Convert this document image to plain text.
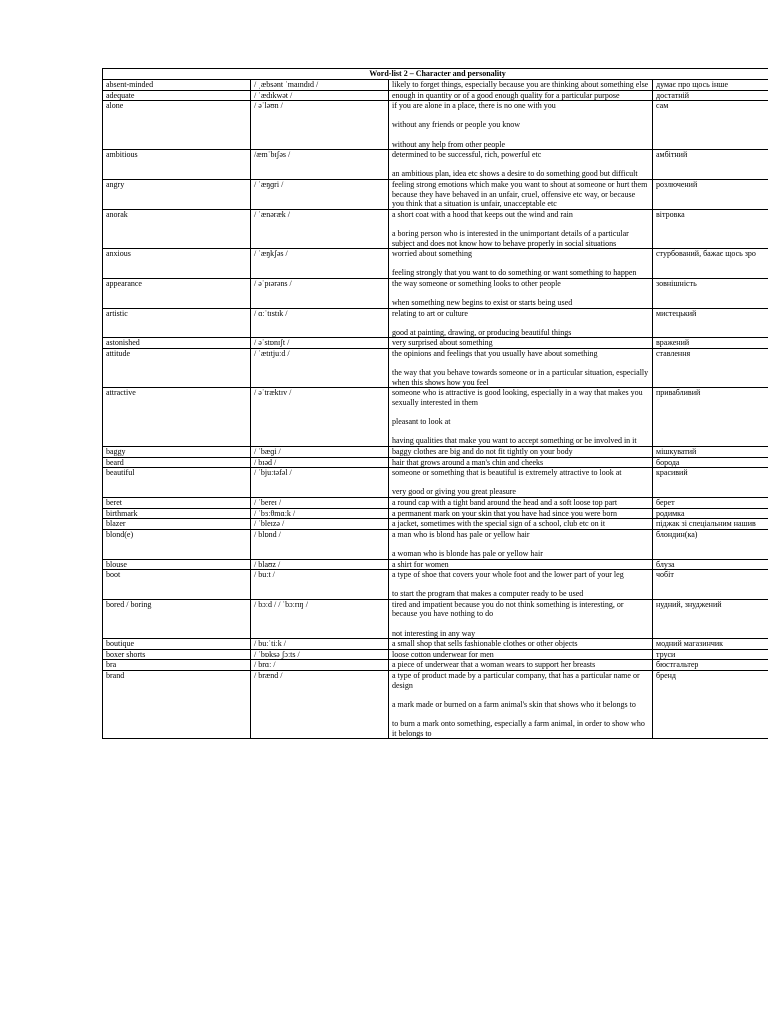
Word-list 2 – Character and personality			
absent-minded	/ ˌæbsənt ˈmaɪndɪd /	likely to forget things, especially because you are thinking about something else	думає про щось інше
adequate	/ ˈædɪkwət /	enough in quantity or of a good enough quality for a particular purpose	достатній
alone	/ əˈləʊn /	if you are alone in a place, there is no one with you
without any friends or people you know
without any help from other people	сам
ambitious	/æmˈbɪʃəs /	determined to be successful, rich, powerful etc
an ambitious plan, idea etc shows a desire to do something good but difficult	амбітний
angry	/ ˈæŋɡri /	feeling strong emotions which make you want to shout at someone or hurt them because they have behaved in an unfair, cruel, offensive etc way, or because you think that a situation is unfair, unacceptable etc	розлючений
anorak	/ ˈænəræk /	a short coat with a hood that keeps out the wind and rain
a boring person who is interested in the unimportant details of a particular subject and does not know how to behave properly in social situations	вітровка
anxious	/ ˈæŋkʃəs /	worried about something
feeling strongly that you want to do something or want something to happen	стурбований, бажає щось зро
appearance	/ əˈpɪərəns /	the way someone or something looks to other people
when something new begins to exist or starts being used	зовнішність
artistic	/ ɑːˈtɪstɪk /	relating to art or culture
good at painting, drawing, or producing beautiful things	мистецький
astonished	/ əˈstɒnɪʃt /	very surprised about something	вражений
attitude	/ ˈætɪtjuːd /	the opinions and feelings that you usually have about something
the way that you behave towards someone or in a particular situation, especially when this shows how you feel	ставлення
attractive	/ əˈtræktɪv /	someone who is attractive is good looking, especially in a way that makes you sexually interested in them
pleasant to look at
having qualities that make you want to accept something or be involved in it	привабливий
baggy	/ ˈbæɡi /	baggy clothes are big and do not fit tightly on your body	мішкуватий
beard	/ bɪəd /	hair that grows around a man's chin and cheeks	борода
beautiful	/ ˈbjuːtəfəl /	someone or something that is beautiful is extremely attractive to look at
very good or giving you great pleasure	красивий
beret	/ ˈbereɪ /	a round cap with a tight band around the head and a soft loose top part	берет
birthmark	/ ˈbɜːθmɑːk /	a permanent mark on your skin that you have had since you were born	родимка
blazer	/ ˈbleɪzə /	a jacket, sometimes with the special sign of a school, club etc on it	піджак зі спеціальним нашив
blond(e)	/ blɒnd /	a man who is blond has pale or yellow hair
a woman who is blonde has pale or yellow hair	блондин(ка)
blouse	/ blaʊz /	a shirt for women	блуза
boot	/ buːt /	a type of shoe that covers your whole foot and the lower part of your leg
to start the program that makes a computer ready to be used	чобіт
bored / boring	/ bɔːd / / ˈbɔːrɪŋ /	tired and impatient because you do not think something is interesting, or because you have nothing to do
not interesting in any way	нудний, знуджений
boutique	/ buːˈtiːk /	a small shop that sells fashionable clothes or other objects	модний магазинчик
boxer shorts	/ ˈbɒksə ʃɔːts /	loose cotton underwear for men	труси
bra	/ brɑː /	a piece of underwear that a woman wears to support her breasts	бюстгальтер
brand	/ brænd /	a type of product made by a particular company, that has a particular name or design
a mark made or burned on a farm animal's skin that shows who it belongs to
to burn a mark onto something, especially a farm animal, in order to show who it belongs to	бренд
